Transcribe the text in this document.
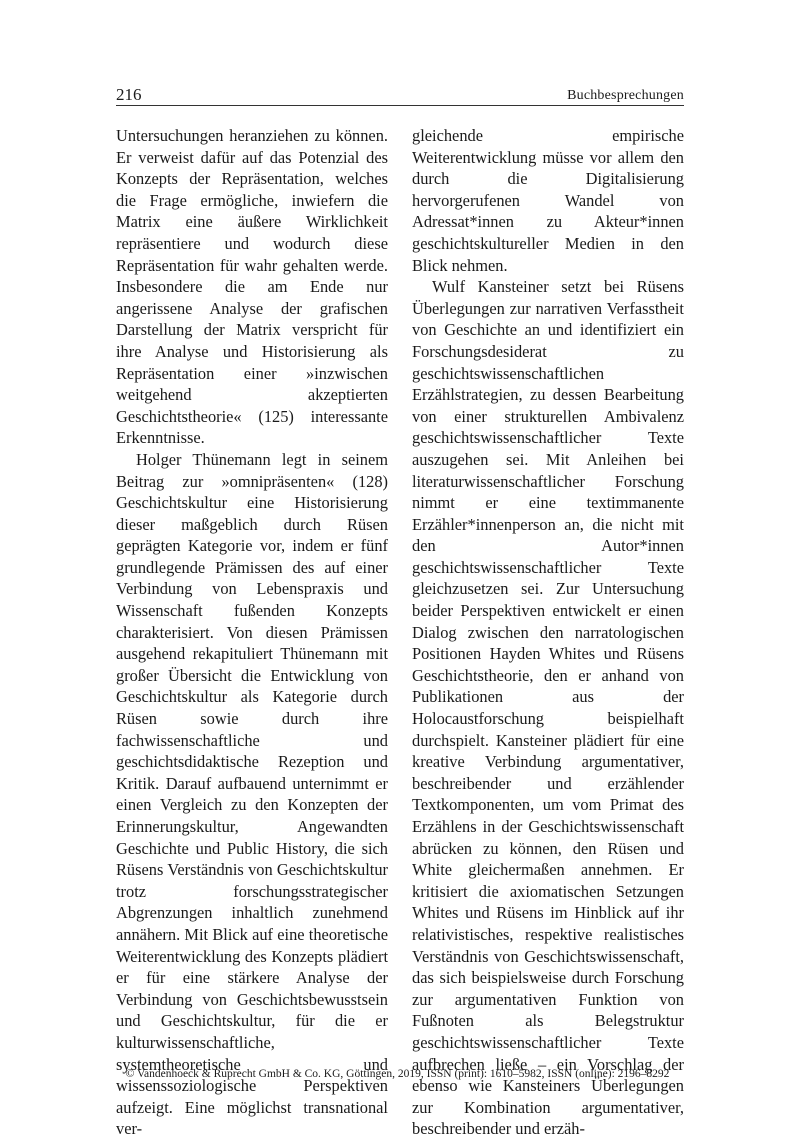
216	Buchbesprechungen

Untersuchungen heranziehen zu können. Er verweist dafür auf das Potenzial des Konzepts der Repräsentation, welches die Frage ermögliche, inwiefern die Matrix eine äußere Wirklichkeit repräsentiere und wodurch diese Repräsentation für wahr gehalten werde. Insbesondere die am Ende nur angerissene Analyse der grafischen Darstellung der Matrix verspricht für ihre Analyse und Historisierung als Repräsentation einer »inzwischen weitgehend akzeptierten Geschichtstheorie« (125) interessante Erkenntnisse.

Holger Thünemann legt in seinem Beitrag zur »omnipräsenten« (128) Geschichtskultur eine Historisierung dieser maßgeblich durch Rüsen geprägten Kategorie vor, indem er fünf grundlegende Prämissen des auf einer Verbindung von Lebenspraxis und Wissenschaft fußenden Konzepts charakterisiert. Von diesen Prämissen ausgehend rekapituliert Thünemann mit großer Übersicht die Entwicklung von Geschichtskultur als Kategorie durch Rüsen sowie durch ihre fachwissenschaftliche und geschichtsdidaktische Rezeption und Kritik. Darauf aufbauend unternimmt er einen Vergleich zu den Konzepten der Erinnerungskultur, Angewandten Geschichte und Public History, die sich Rüsens Verständnis von Geschichtskultur trotz forschungsstrategischer Abgrenzungen inhaltlich zunehmend annähern. Mit Blick auf eine theoretische Weiterentwicklung des Konzepts plädiert er für eine stärkere Analyse der Verbindung von Geschichtsbewusstsein und Geschichtskultur, für die er kulturwissenschaftliche, systemtheoretische und wissenssoziologische Perspektiven aufzeigt. Eine möglichst transnational ver-

gleichende empirische Weiterentwicklung müsse vor allem den durch die Digitalisierung hervorgerufenen Wandel von Adressat*innen zu Akteur*innen geschichtskultureller Medien in den Blick nehmen.

Wulf Kansteiner setzt bei Rüsens Überlegungen zur narrativen Verfasstheit von Geschichte an und identifiziert ein Forschungsdesiderat zu geschichtswissenschaftlichen Erzählstrategien, zu dessen Bearbeitung von einer strukturellen Ambivalenz geschichtswissenschaftlicher Texte auszugehen sei. Mit Anleihen bei literaturwissenschaftlicher Forschung nimmt er eine textimmanente Erzähler*innenperson an, die nicht mit den Autor*innen geschichtswissenschaftlicher Texte gleichzusetzen sei. Zur Untersuchung beider Perspektiven entwickelt er einen Dialog zwischen den narratologischen Positionen Hayden Whites und Rüsens Geschichtstheorie, den er anhand von Publikationen aus der Holocaustforschung beispielhaft durchspielt. Kansteiner plädiert für eine kreative Verbindung argumentativer, beschreibender und erzählender Textkomponenten, um vom Primat des Erzählens in der Geschichtswissenschaft abrücken zu können, den Rüsen und White gleichermaßen annehmen. Er kritisiert die axiomatischen Setzungen Whites und Rüsens im Hinblick auf ihr relativistisches, respektive realistisches Verständnis von Geschichtswissenschaft, das sich beispielsweise durch Forschung zur argumentativen Funktion von Fußnoten als Belegstruktur geschichtswissenschaftlicher Texte aufbrechen ließe – ein Vorschlag der ebenso wie Kansteiners Überlegungen zur Kombination argumentativer, beschreibender und erzäh-

© Vandenhoeck & Ruprecht GmbH & Co. KG, Göttingen, 2019, ISSN (print): 1610–5982, ISSN (online): 2196–8292
